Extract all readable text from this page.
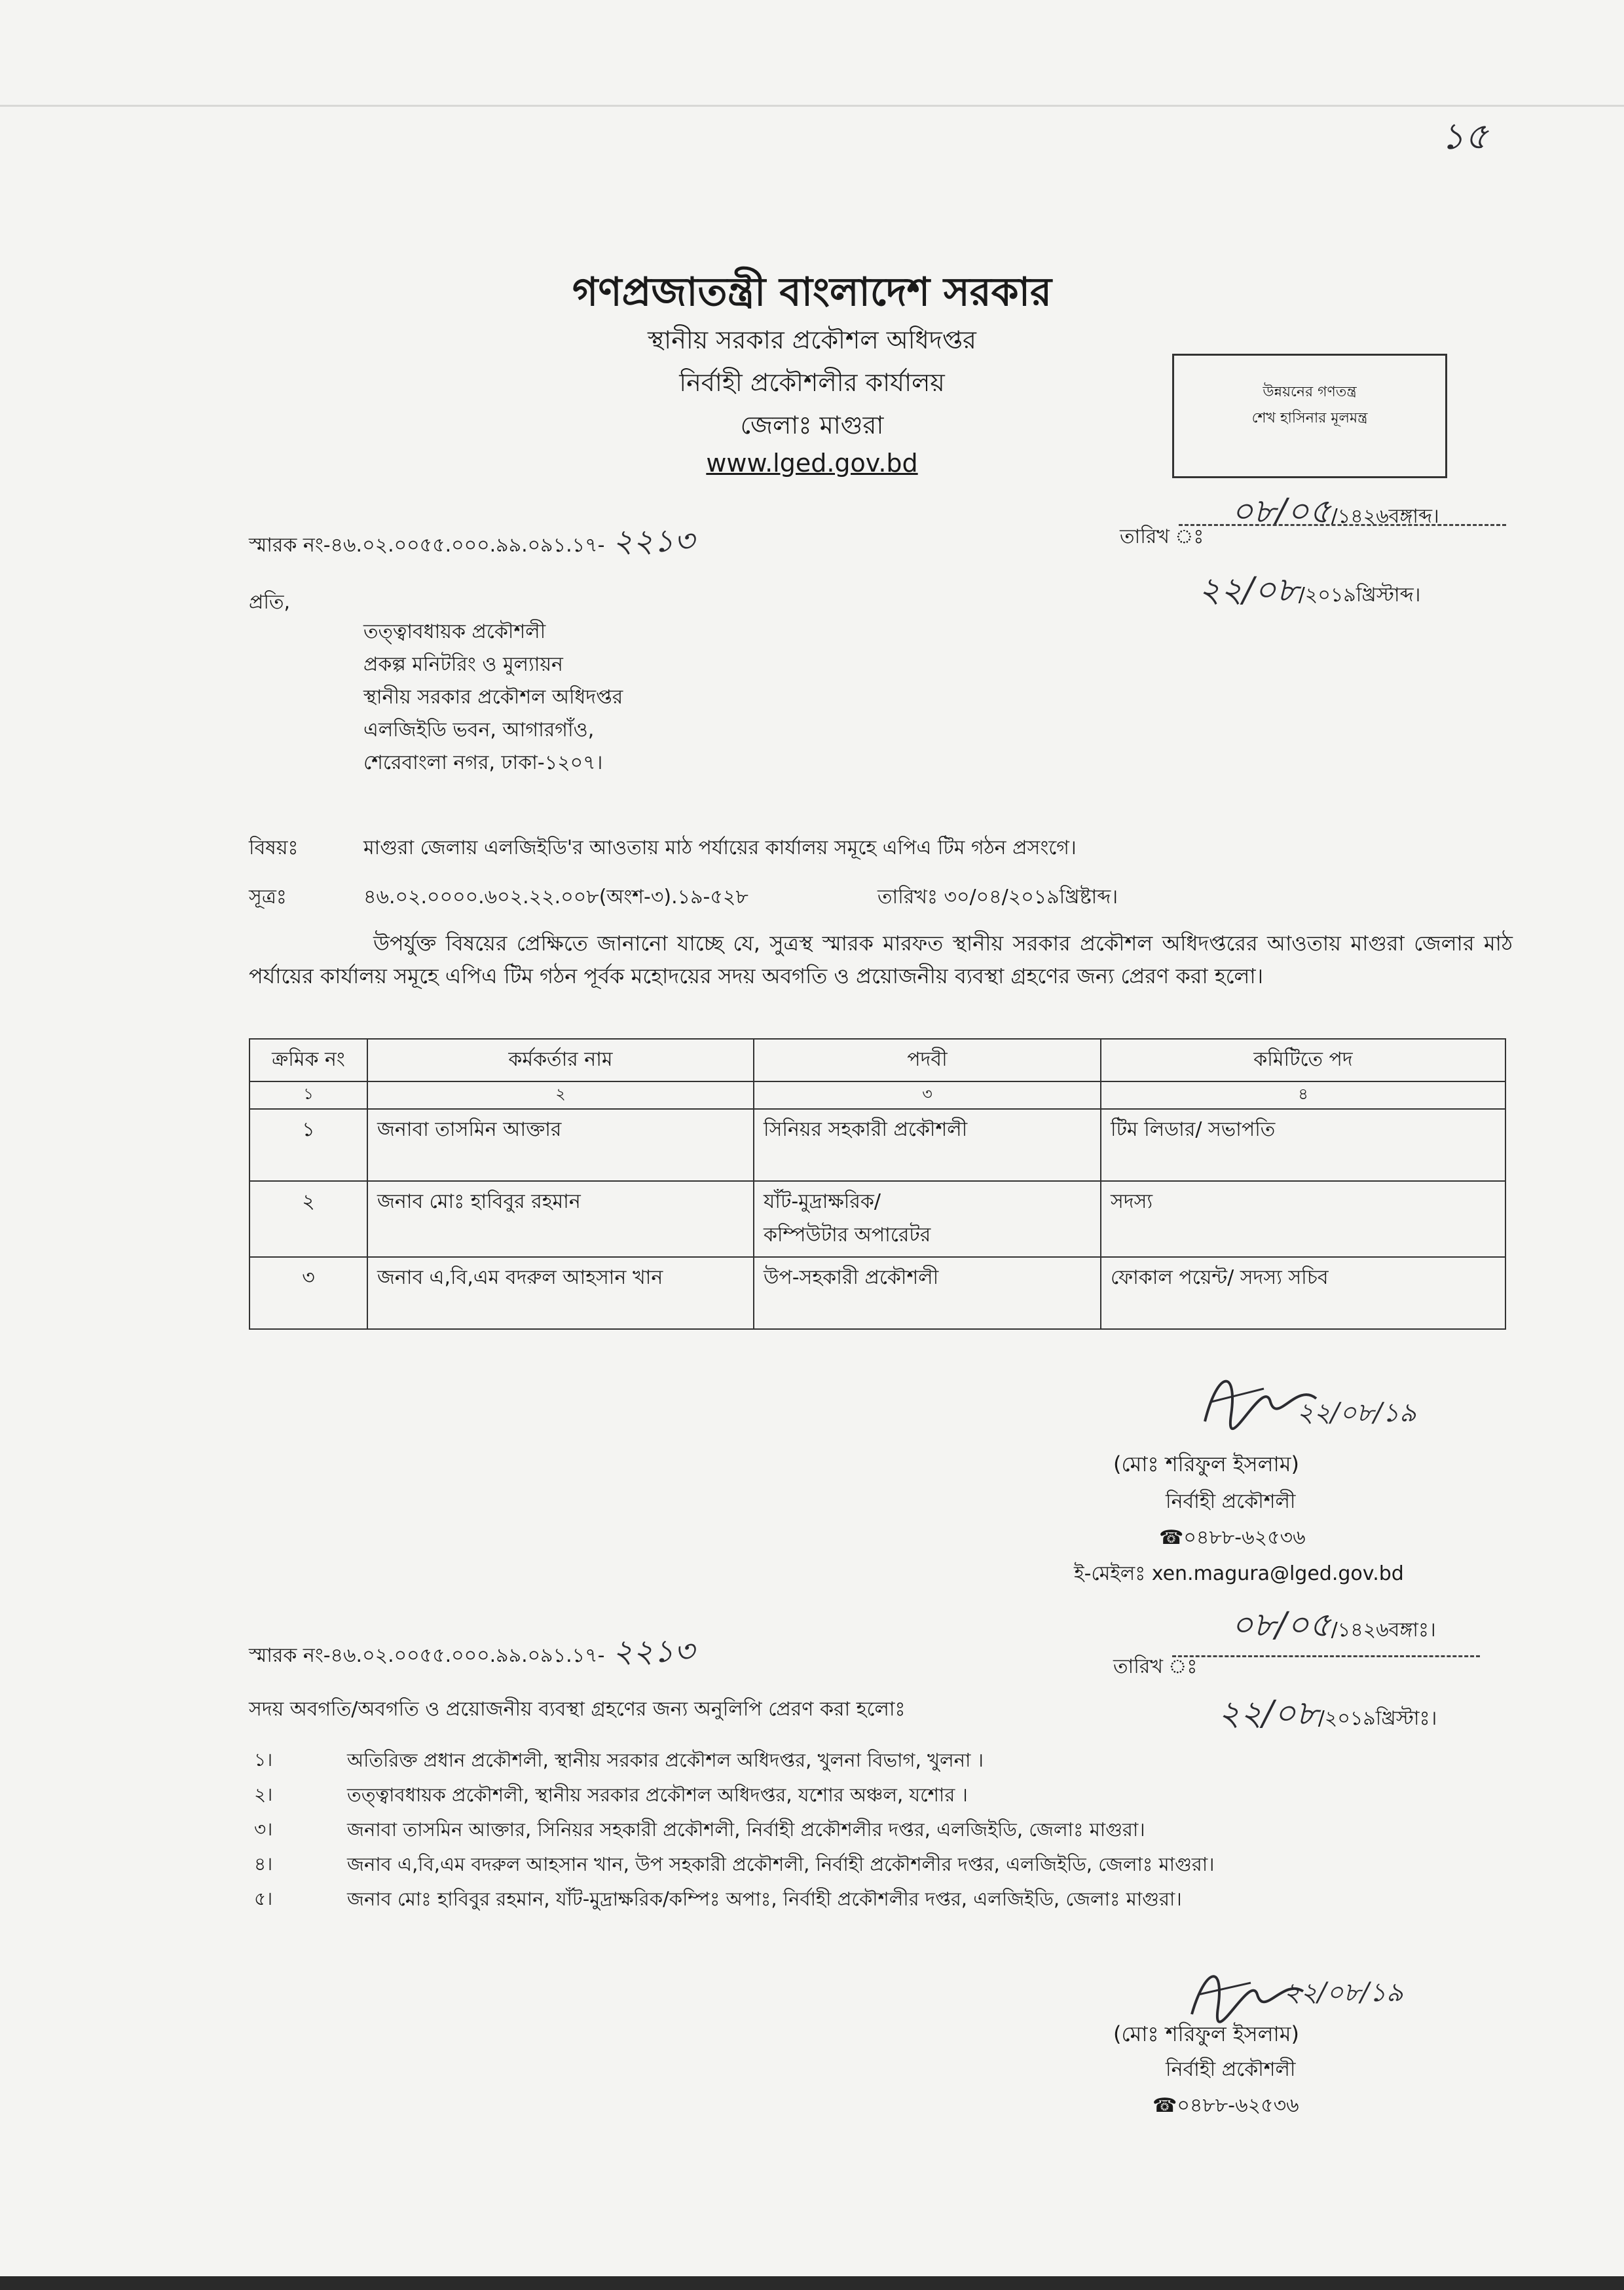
১৫
গণপ্রজাতন্ত্রী বাংলাদেশ সরকার
স্থানীয় সরকার প্রকৌশল অধিদপ্তর
নির্বাহী প্রকৌশলীর কার্যালয়
জেলাঃ মাগুরা
www.lged.gov.bd
উন্নয়নের গণতন্ত্র
শেখ হাসিনার মূলমন্ত্র
স্মারক নং-৪৬.০২.০০৫৫.০০০.৯৯.০৯১.১৭- ২২১৩
০৮/০৫/১৪২৬বঙ্গাব্দ।
তারিখ ঃ
২২/০৮/২০১৯খ্রিস্টাব্দ।
প্রতি,
তত্ত্বাবধায়ক প্রকৌশলী
প্রকল্প মনিটরিং ও মুল্যায়ন
স্থানীয় সরকার প্রকৌশল অধিদপ্তর
এলজিইডি ভবন, আগারগাঁও,
শেরেবাংলা নগর, ঢাকা-১২০৭।
বিষয়ঃ	মাগুরা জেলায় এলজিইডি'র আওতায় মাঠ পর্যায়ের কার্যালয় সমূহে এপিএ টিম গঠন প্রসংগে।
সূত্রঃ	৪৬.০২.০০০০.৬০২.২২.০০৮(অংশ-৩).১৯-৫২৮	তারিখঃ ৩০/০৪/২০১৯খ্রিষ্টাব্দ।
উপর্যুক্ত বিষয়ের প্রেক্ষিতে জানানো যাচ্ছে যে, সুত্রস্থ স্মারক মারফত স্থানীয় সরকার প্রকৌশল অধিদপ্তরের আওতায় মাগুরা জেলার মাঠ পর্যায়ের কার্যালয় সমূহে এপিএ টিম গঠন পূর্বক মহোদয়ের সদয় অবগতি ও প্রয়োজনীয় ব্যবস্থা গ্রহণের জন্য প্রেরণ করা হলো।
ক্রমিক নং	কর্মকর্তার নাম	পদবী	কমিটিতে পদ
১	২	৩	৪
১	জনাবা তাসমিন আক্তার	সিনিয়র সহকারী প্রকৌশলী	টিম লিডার/ সভাপতি
২	জনাব মোঃ হাবিবুর রহমান	যাঁট-মুদ্রাক্ষরিক/
কম্পিউটার অপারেটর	সদস্য
৩	জনাব এ,বি,এম বদরুল আহসান খান	উপ-সহকারী প্রকৌশলী	ফোকাল পয়েন্ট/ সদস্য সচিব
২২/০৮/১৯
(মোঃ শরিফুল ইসলাম)
নির্বাহী প্রকৌশলী
☎০৪৮৮-৬২৫৩৬
ই-মেইলঃ xen.magura@lged.gov.bd
স্মারক নং-৪৬.০২.০০৫৫.০০০.৯৯.০৯১.১৭- ২২১৩
০৮/০৫/১৪২৬বঙ্গাঃ।
তারিখ ঃ
২২/০৮/২০১৯খ্রিস্টাঃ।
সদয় অবগতি/অবগতি ও প্রয়োজনীয় ব্যবস্থা গ্রহণের জন্য অনুলিপি প্রেরণ করা হলোঃ
১।	অতিরিক্ত প্রধান প্রকৌশলী, স্থানীয় সরকার প্রকৌশল অধিদপ্তর, খুলনা বিভাগ, খুলনা ।
২।	তত্ত্বাবধায়ক প্রকৌশলী, স্থানীয় সরকার প্রকৌশল অধিদপ্তর, যশোর অঞ্চল, যশোর ।
৩।	জনাবা তাসমিন আক্তার, সিনিয়র সহকারী প্রকৌশলী, নির্বাহী প্রকৌশলীর দপ্তর, এলজিইডি, জেলাঃ মাগুরা।
৪।	জনাব এ,বি,এম বদরুল আহসান খান, উপ সহকারী প্রকৌশলী, নির্বাহী প্রকৌশলীর দপ্তর, এলজিইডি, জেলাঃ মাগুরা।
৫।	জনাব মোঃ হাবিবুর রহমান, যাঁট-মুদ্রাক্ষরিক/কম্পিঃ অপাঃ, নির্বাহী প্রকৌশলীর দপ্তর, এলজিইডি, জেলাঃ মাগুরা।
২২/০৮/১৯
(মোঃ শরিফুল ইসলাম)
নির্বাহী প্রকৌশলী
☎০৪৮৮-৬২৫৩৬
